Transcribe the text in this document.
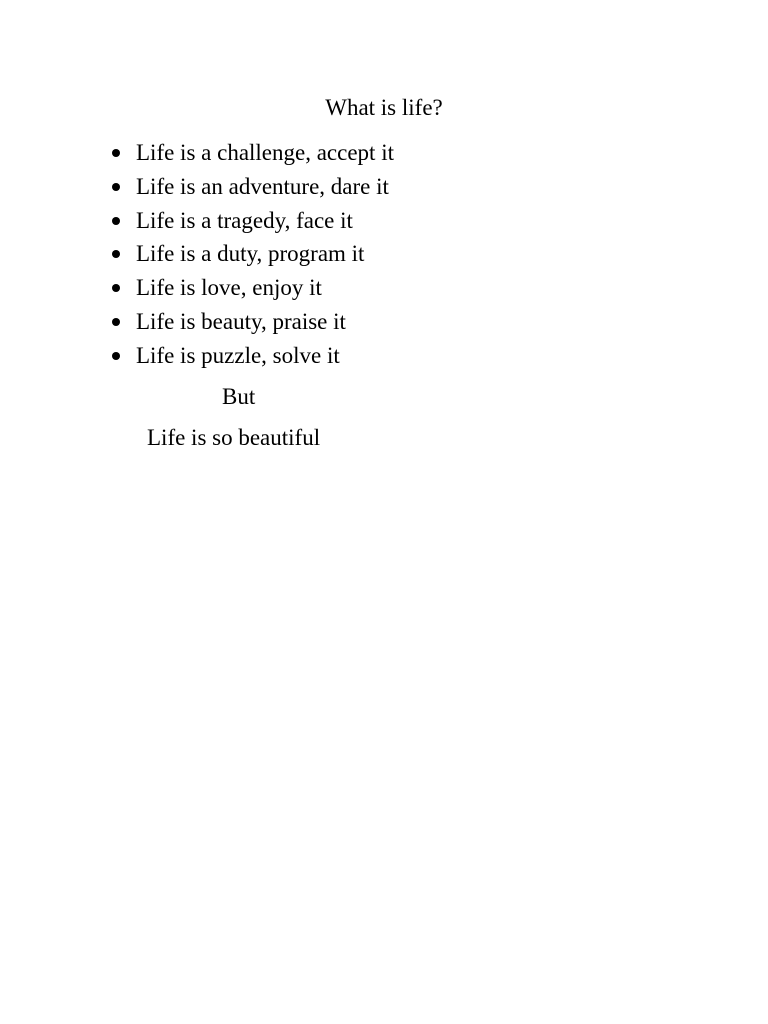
What is life?
Life is a challenge, accept it
Life is an adventure, dare it
Life is a tragedy, face it
Life is a duty, program it
Life is love, enjoy it
Life is beauty, praise it
Life is puzzle, solve it

But

Life is so beautiful
